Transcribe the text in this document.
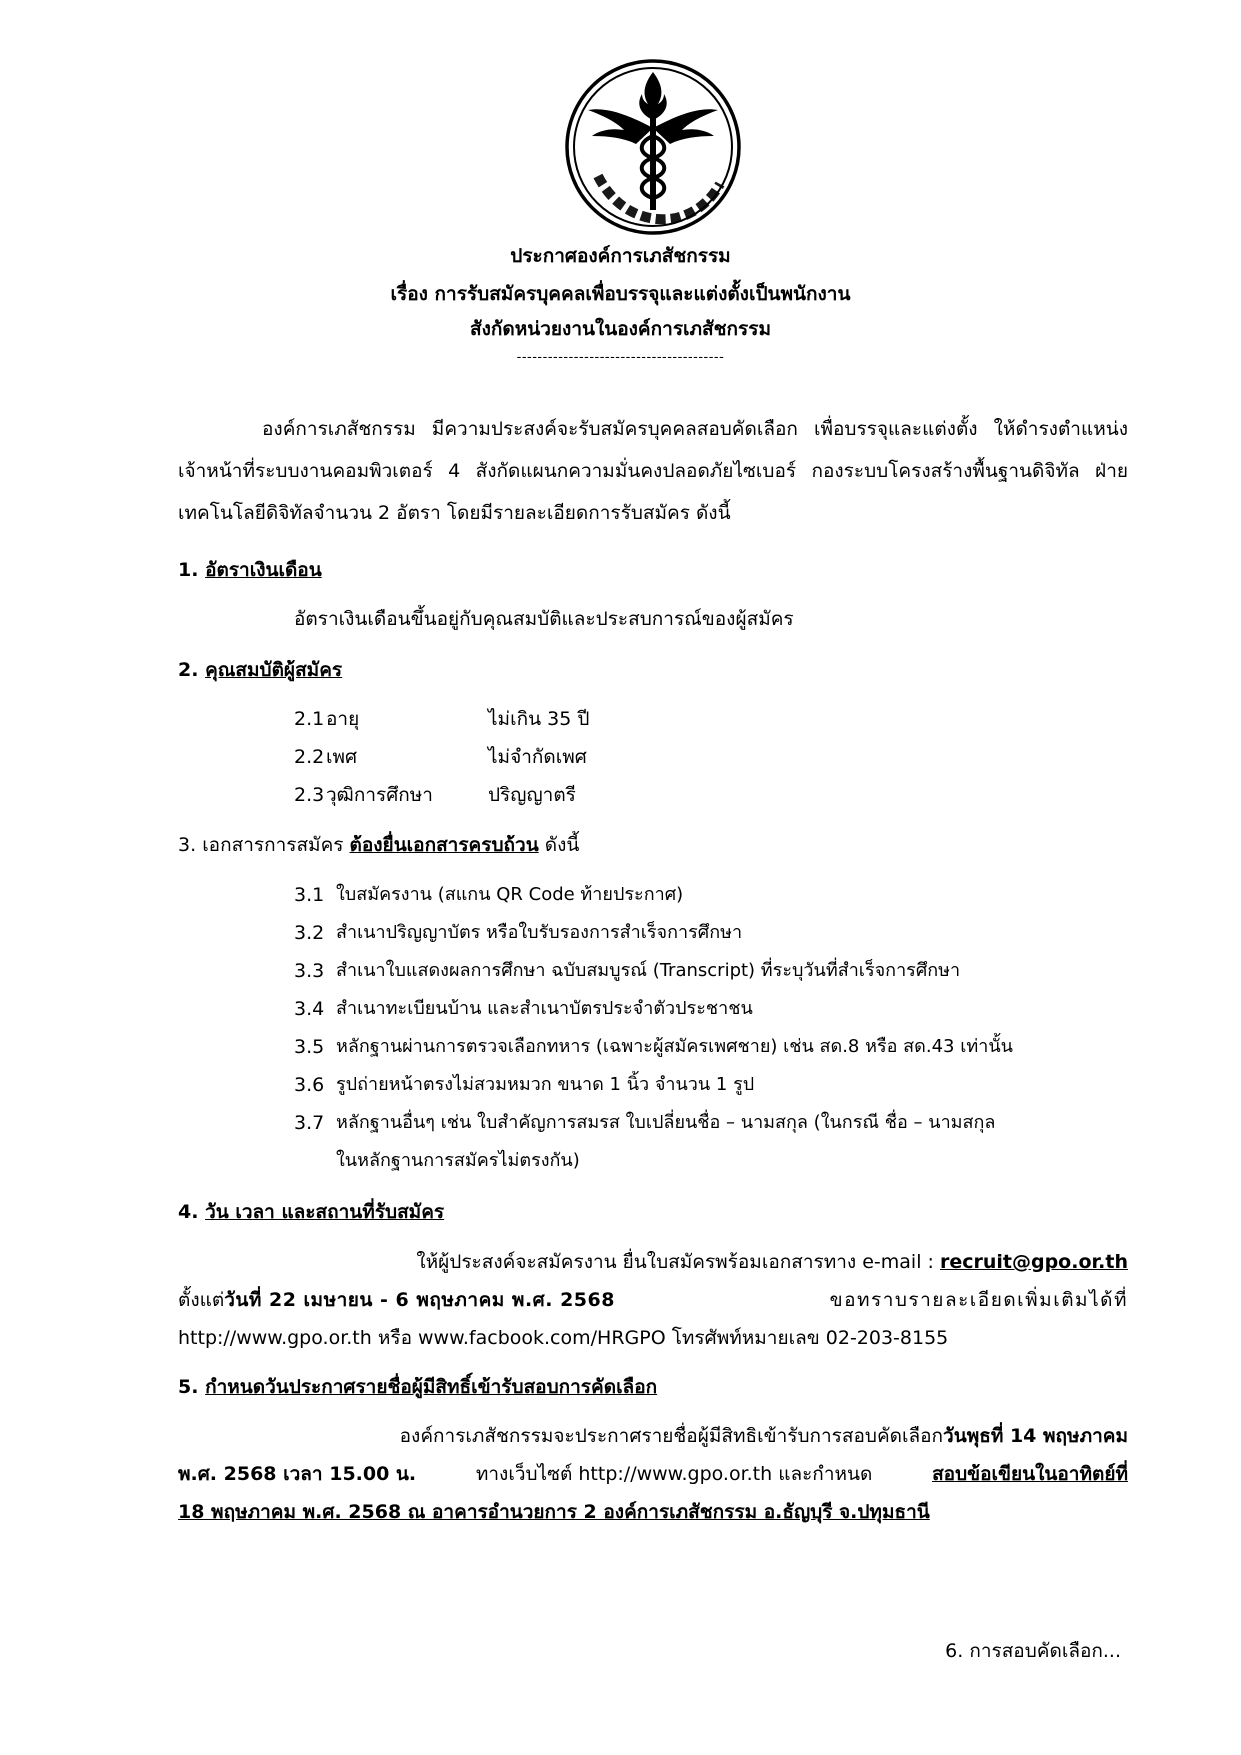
ประกาศองค์การเภสัชกรรม
เรื่อง การรับสมัครบุคคลเพื่อบรรจุและแต่งตั้งเป็นพนักงาน
สังกัดหน่วยงานในองค์การเภสัชกรรม
----------------------------------------
องค์การเภสัชกรรม มีความประสงค์จะรับสมัครบุคคลสอบคัดเลือก เพื่อบรรจุและแต่งตั้ง ให้ดำรงตำแหน่ง เจ้าหน้าที่ระบบงานคอมพิวเตอร์ 4 สังกัดแผนกความมั่นคงปลอดภัยไซเบอร์ กองระบบโครงสร้างพื้นฐานดิจิทัล ฝ่ายเทคโนโลยีดิจิทัลจำนวน 2 อัตรา โดยมีรายละเอียดการรับสมัคร ดังนี้
1. อัตราเงินเดือน
อัตราเงินเดือนขึ้นอยู่กับคุณสมบัติและประสบการณ์ของผู้สมัคร
2. คุณสมบัติผู้สมัคร
2.1 อายุ	ไม่เกิน 35 ปี
2.2 เพศ	ไม่จำกัดเพศ
2.3 วุฒิการศึกษา	ปริญญาตรี
3. เอกสารการสมัคร ต้องยื่นเอกสารครบถ้วน ดังนี้
3.1 ใบสมัครงาน (สแกน QR Code ท้ายประกาศ)
3.2 สำเนาปริญญาบัตร หรือใบรับรองการสำเร็จการศึกษา
3.3 สำเนาใบแสดงผลการศึกษา ฉบับสมบูรณ์ (Transcript) ที่ระบุวันที่สำเร็จการศึกษา
3.4 สำเนาทะเบียนบ้าน และสำเนาบัตรประจำตัวประชาชน
3.5 หลักฐานผ่านการตรวจเลือกทหาร (เฉพาะผู้สมัครเพศชาย) เช่น สด.8 หรือ สด.43 เท่านั้น
3.6 รูปถ่ายหน้าตรงไม่สวมหมวก ขนาด 1 นิ้ว จำนวน 1 รูป
3.7 หลักฐานอื่นๆ เช่น ใบสำคัญการสมรส ใบเปลี่ยนชื่อ – นามสกุล (ในกรณี ชื่อ – นามสกุล
ในหลักฐานการสมัครไม่ตรงกัน)
4. วัน เวลา และสถานที่รับสมัคร
ให้ผู้ประสงค์จะสมัครงาน ยื่นใบสมัครพร้อมเอกสารทาง e-mail : recruit@gpo.or.th
ตั้งแต่วันที่ 22 เมษายน - 6 พฤษภาคม พ.ศ. 2568	ขอทราบรายละเอียดเพิ่มเติมได้ที่
http://www.gpo.or.th หรือ www.facbook.com/HRGPO โทรศัพท์หมายเลข 02-203-8155
5. กำหนดวันประกาศรายชื่อผู้มีสิทธิ์เข้ารับสอบการคัดเลือก
องค์การเภสัชกรรมจะประกาศรายชื่อผู้มีสิทธิเข้ารับการสอบคัดเลือกวันพุธที่ 14 พฤษภาคม
พ.ศ. 2568 เวลา 15.00 น.	ทางเว็บไซต์ http://www.gpo.or.th และกำหนด	สอบข้อเขียนในอาทิตย์ที่
18 พฤษภาคม พ.ศ. 2568 ณ อาคารอำนวยการ 2 องค์การเภสัชกรรม อ.ธัญบุรี จ.ปทุมธานี
6. การสอบคัดเลือก...
